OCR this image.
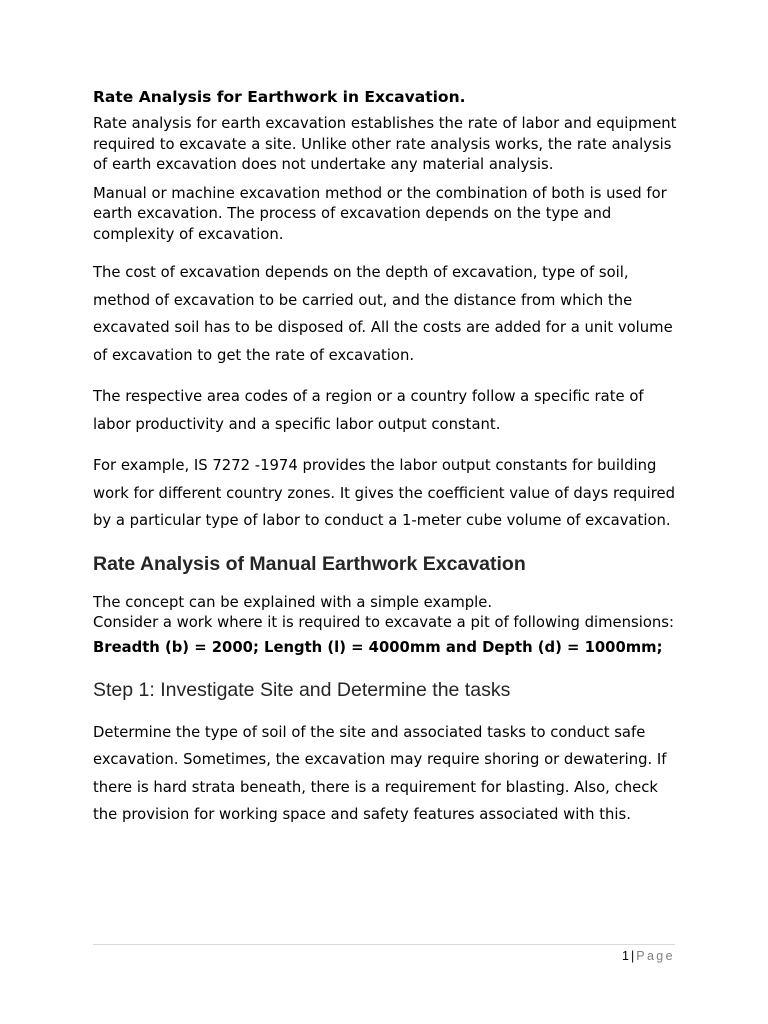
Rate Analysis for Earthwork in Excavation.

Rate analysis for earth excavation establishes the rate of labor and equipment required to excavate a site. Unlike other rate analysis works, the rate analysis of earth excavation does not undertake any material analysis.

Manual or machine excavation method or the combination of both is used for earth excavation. The process of excavation depends on the type and complexity of excavation.

The cost of excavation depends on the depth of excavation, type of soil, method of excavation to be carried out, and the distance from which the excavated soil has to be disposed of. All the costs are added for a unit volume of excavation to get the rate of excavation.

The respective area codes of a region or a country follow a specific rate of labor productivity and a specific labor output constant.

For example, IS 7272 -1974 provides the labor output constants for building work for different country zones. It gives the coefficient value of days required by a particular type of labor to conduct a 1-meter cube volume of excavation.

Rate Analysis of Manual Earthwork Excavation

The concept can be explained with a simple example.

Consider a work where it is required to excavate a pit of following dimensions:

Breadth (b) = 2000; Length (l) = 4000mm and Depth (d) = 1000mm;

Step 1: Investigate Site and Determine the tasks

Determine the type of soil of the site and associated tasks to conduct safe excavation. Sometimes, the excavation may require shoring or dewatering. If there is hard strata beneath, there is a requirement for blasting. Also, check the provision for working space and safety features associated with this.

1 | Page
